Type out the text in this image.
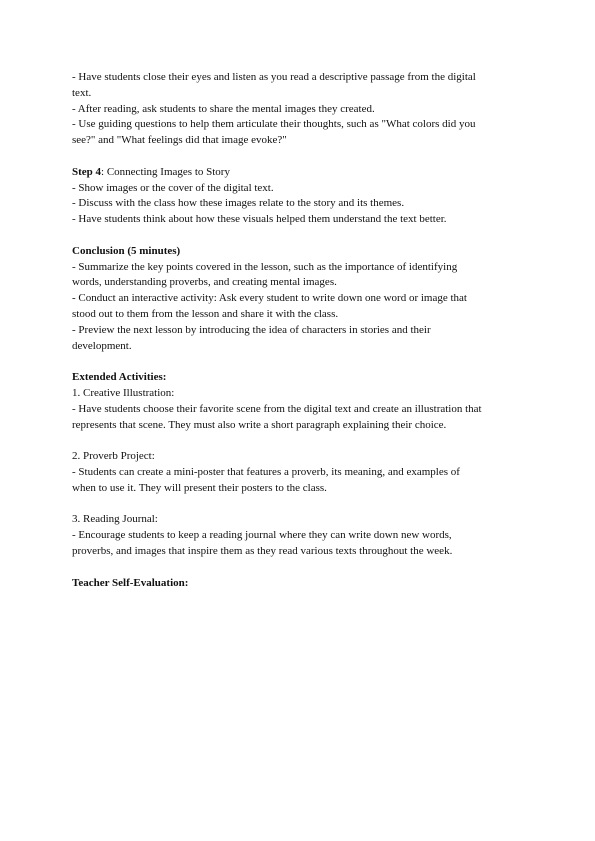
- Have students close their eyes and listen as you read a descriptive passage from the digital
text.
- After reading, ask students to share the mental images they created.
- Use guiding questions to help them articulate their thoughts, such as "What colors did you
see?" and "What feelings did that image evoke?"
Step 4: Connecting Images to Story
- Show images or the cover of the digital text.
- Discuss with the class how these images relate to the story and its themes.
- Have students think about how these visuals helped them understand the text better.
Conclusion (5 minutes)
- Summarize the key points covered in the lesson, such as the importance of identifying
words, understanding proverbs, and creating mental images.
- Conduct an interactive activity: Ask every student to write down one word or image that
stood out to them from the lesson and share it with the class.
- Preview the next lesson by introducing the idea of characters in stories and their
development.
Extended Activities:
1. Creative Illustration:
- Have students choose their favorite scene from the digital text and create an illustration that
represents that scene. They must also write a short paragraph explaining their choice.
2. Proverb Project:
- Students can create a mini-poster that features a proverb, its meaning, and examples of
when to use it. They will present their posters to the class.
3. Reading Journal:
- Encourage students to keep a reading journal where they can write down new words,
proverbs, and images that inspire them as they read various texts throughout the week.
Teacher Self-Evaluation:
